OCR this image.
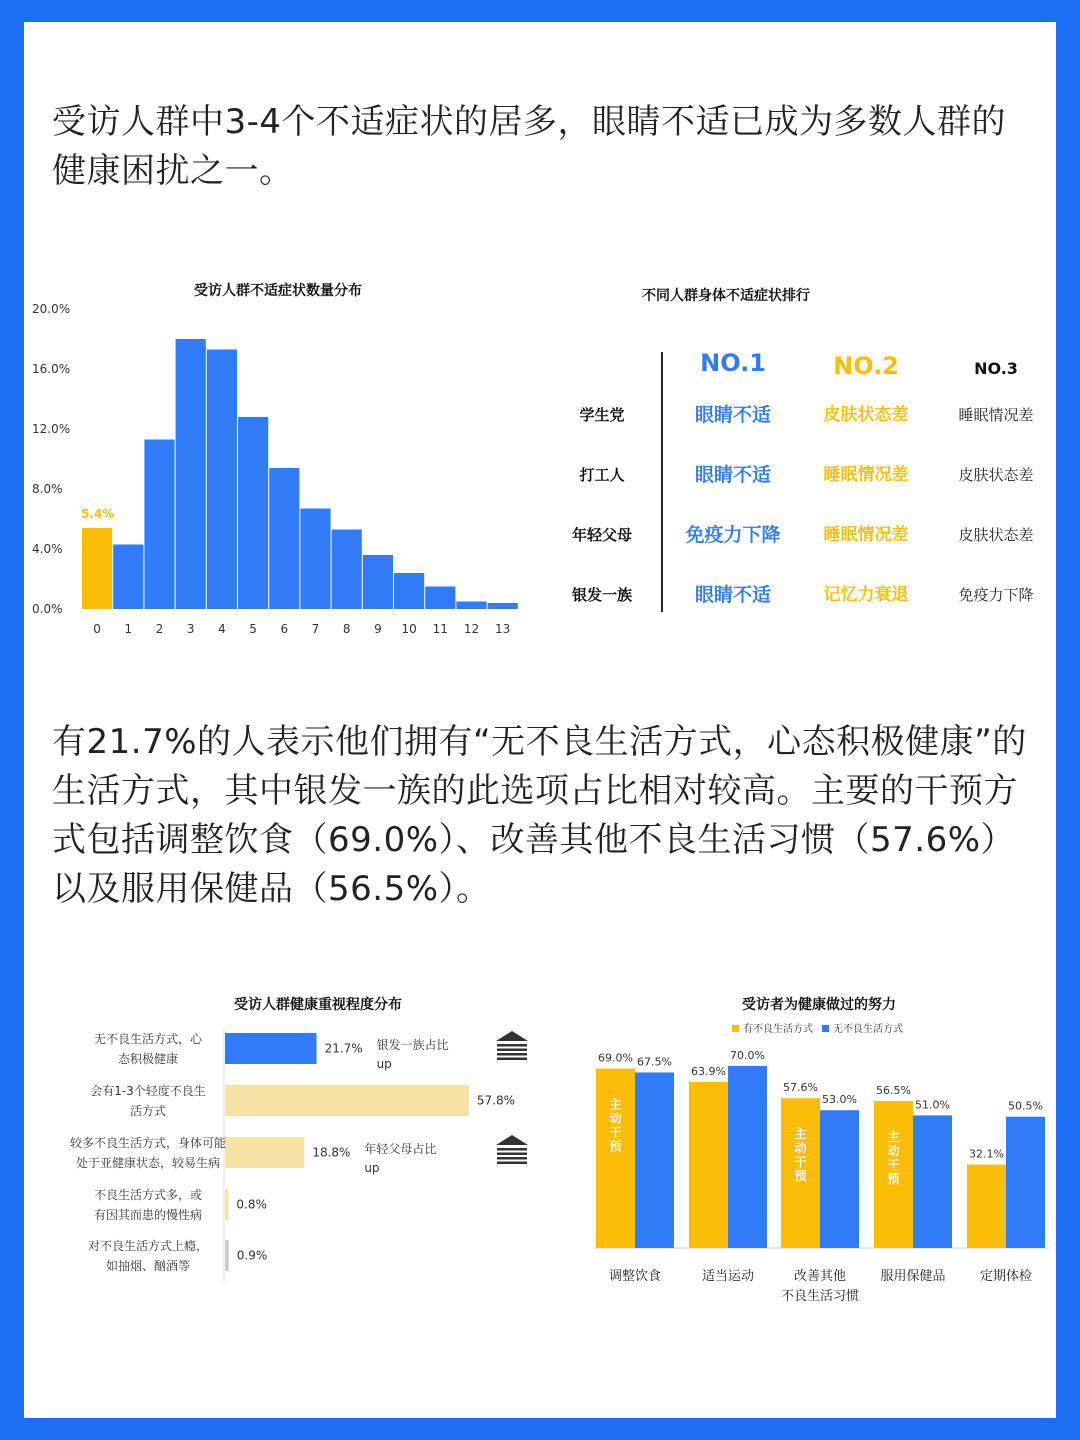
受访人群中3-4个不适症状的居多，眼睛不适已成为多数人群的健康困扰之一。
有21.7%的人表示他们拥有“无不良生活方式，心态积极健康”的生活方式，其中银发一族的此选项占比相对较高。主要的干预方式包括调整饮食（69.0%）、改善其他不良生活习惯（57.6%）以及服用保健品（56.5%）。
受访人群不适症状数量分布
0.0%
4.0%
8.0%
12.0%
16.0%
20.0%
0 1 2 3 4 5 6 7 8 9 10 11 12 13
5.4%
不同人群身体不适症状排行
NO.1	NO.2	NO.3
学生党	眼睛不适	皮肤状态差	睡眠情况差
打工人	眼睛不适	睡眠情况差	皮肤状态差
年轻父母	免疫力下降	睡眠情况差	皮肤状态差
银发一族	眼睛不适	记忆力衰退	免疫力下降
受访人群健康重视程度分布
21.7%
无不良生活方式，心
态积极健康
57.8%
会有1-3个轻度不良生
活方式
18.8%
较多不良生活方式，身体可能
处于亚健康状态，较易生病
0.8%
不良生活方式多，或
有因其而患的慢性病
0.9%
对不良生活方式上瘾，
如抽烟、酗酒等
银发一族占比
up
年轻父母占比
up
受访者为健康做过的努力
有不良生活方式 无不良生活方式
69.0% 67.5%
调整饮食
主
动
干
预
63.9%
70.0%
适当运动
57.6%
53.0%
改善其他
不良生活习惯
主
动
干
预
56.5%
51.0%
服用保健品
主
动
干
预
32.1%
50.5%
定期体检
